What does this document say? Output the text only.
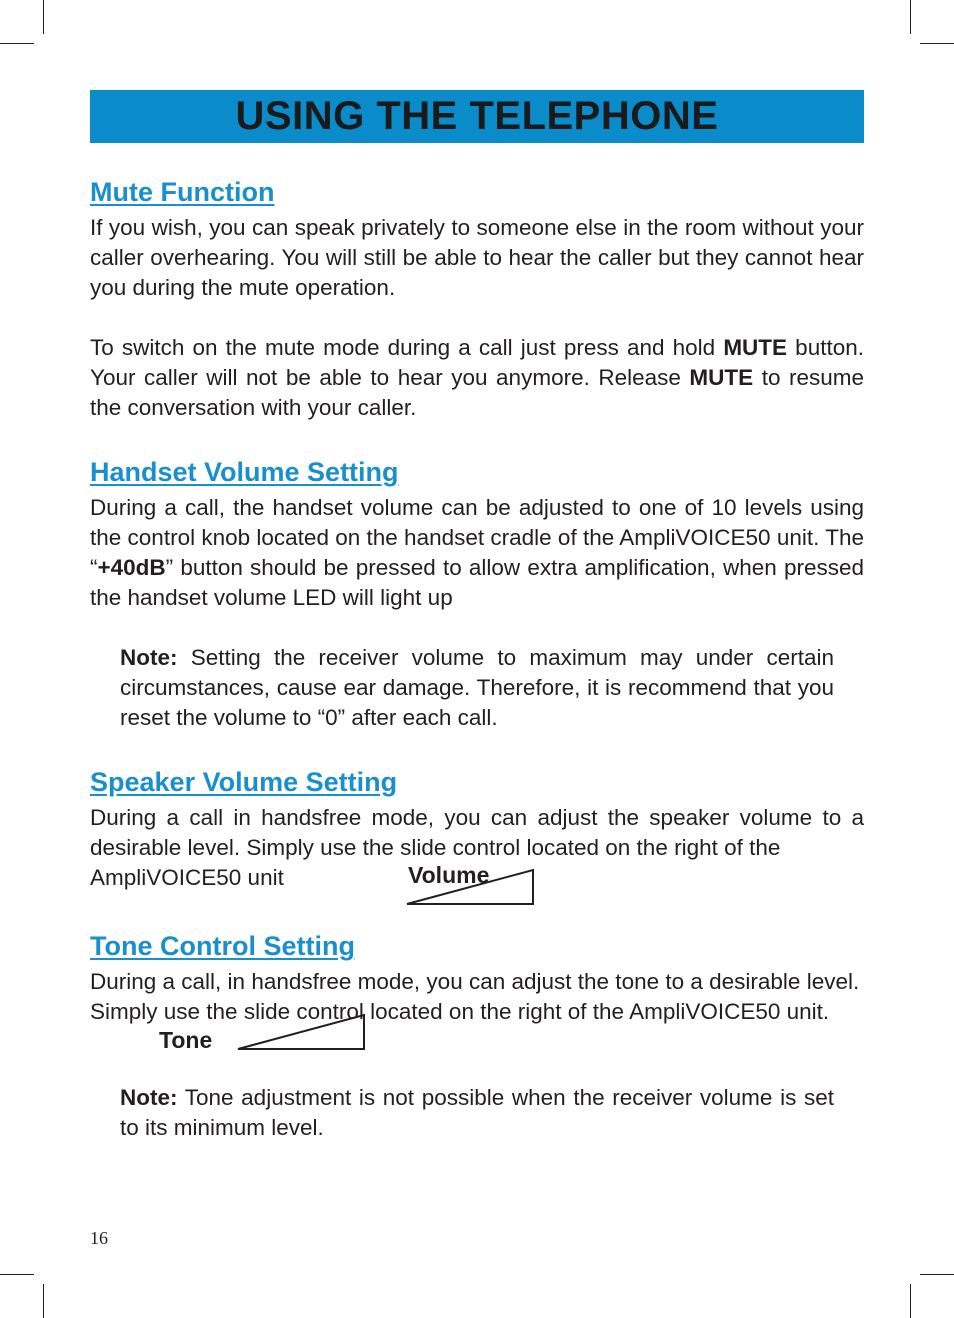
USING THE TELEPHONE
Mute Function

If you wish, you can speak privately to someone else in the room without your caller overhearing. You will still be able to hear the caller but they cannot hear you during the mute operation.

To switch on the mute mode during a call just press and hold MUTE button. Your caller will not be able to hear you anymore. Release MUTE to resume the conversation with your caller.

Handset Volume Setting

During a call, the handset volume can be adjusted to one of 10 levels using the control knob located on the handset cradle of the AmpliVOICE50 unit. The “+40dB” button should be pressed to allow extra amplification, when pressed the handset volume LED will light up

Note: Setting the receiver volume to maximum may under certain circumstances, cause ear damage. Therefore, it is recommend that you reset the volume to “0” after each call.

Speaker Volume Setting

During a call in handsfree mode, you can adjust the speaker volume to a desirable level. Simply use the slide control located on the right of the

AmpliVOICE50 unit	Volume
Tone Control Setting

During a call, in handsfree mode, you can adjust the tone to a desirable level. Simply use the slide control located on the right of the AmpliVOICE50 unit.

Tone

Note: Tone adjustment is not possible when the receiver volume is set to its minimum level.

16
